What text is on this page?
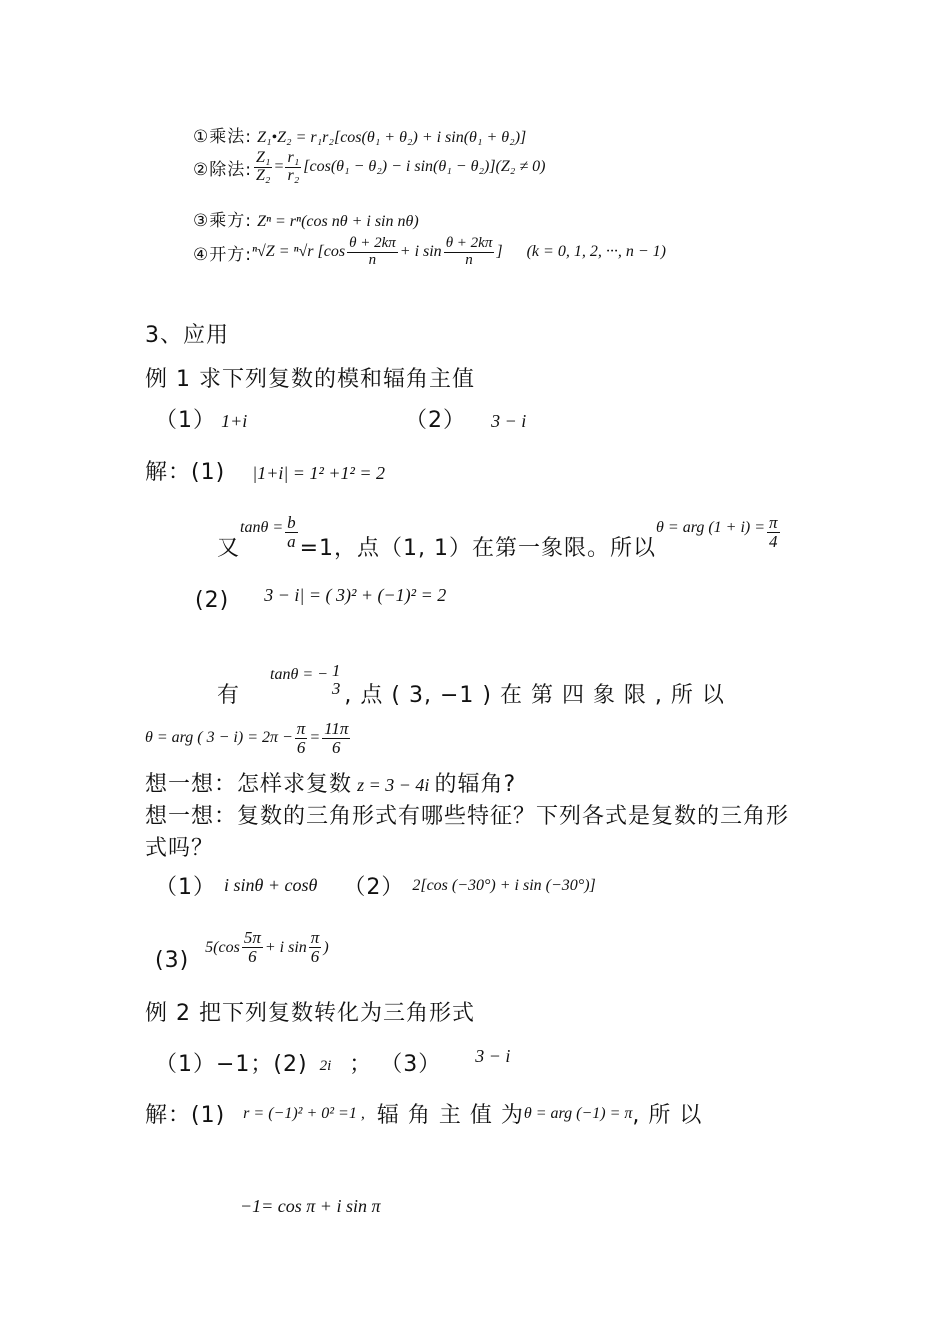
①乘法: Z₁•Z₂ = r₁r₂[cos(θ₁ + θ₂) + i sin(θ₁ + θ₂)]
②除法: $\frac{\text{Z₁}}{\text{Z₂}} = \frac{\text{r₁}}{\text{r₂}} [\cos(\theta_1 - \theta_2) - i$ sin(θ₁ − θ₂)](Z₂ ≠ 0)
③乘方: Zⁿ = rⁿ(cos nθ + i sin nθ)
④开方: ⁿ√Z = ⁿ√r [$\cos \frac{\theta + 2k\pi}{n} + i$ $\sin \frac{\theta + 2k\pi}{n}$ ] (k = 0, 1, 2, ···, n − 1)
3、应用
例 1 求下列复数的模和辐角主值
（1） 1+i	（2） 3 − i
解：(1) |1+i| = 1² +1² = 2
又
$\tan\theta = \frac{b}{a} =1$，点（1, 1）在第一象限。所以
θ = arg $(1 + i) = \frac{\pi}{4}$
(2) 3 − i| = ( 3)² + (−1)² = 2
有
tanθ = − 1
3 , 点 ( 3, −1 ) 在 第 四 象 限 , 所 以
θ = arg ( $3 - i) = 2\pi - \frac{\pi}{6} = \frac{11\pi}{6}$
想一想：怎样求复数 z = 3 − 4i 的辐角?
想一想：复数的三角形式有哪些特征？下列各式是复数的三角形
式吗？
（1） i sinθ + cosθ （2） 2[cos (−30°) + i sin (−30°)]
(3)
$5(\cos \frac{5\pi}{6} + i$ $\sin \frac{\pi}{6}$ )
例 2 把下列复数转化为三角形式
（1）−1；(2) 2i ； （3） 3 − i
解：(1) r = (−1)² + 0² =1 , 辐 角 主 值 为 θ = arg (−1) = π , 所 以
−1= cos π + i sin π
